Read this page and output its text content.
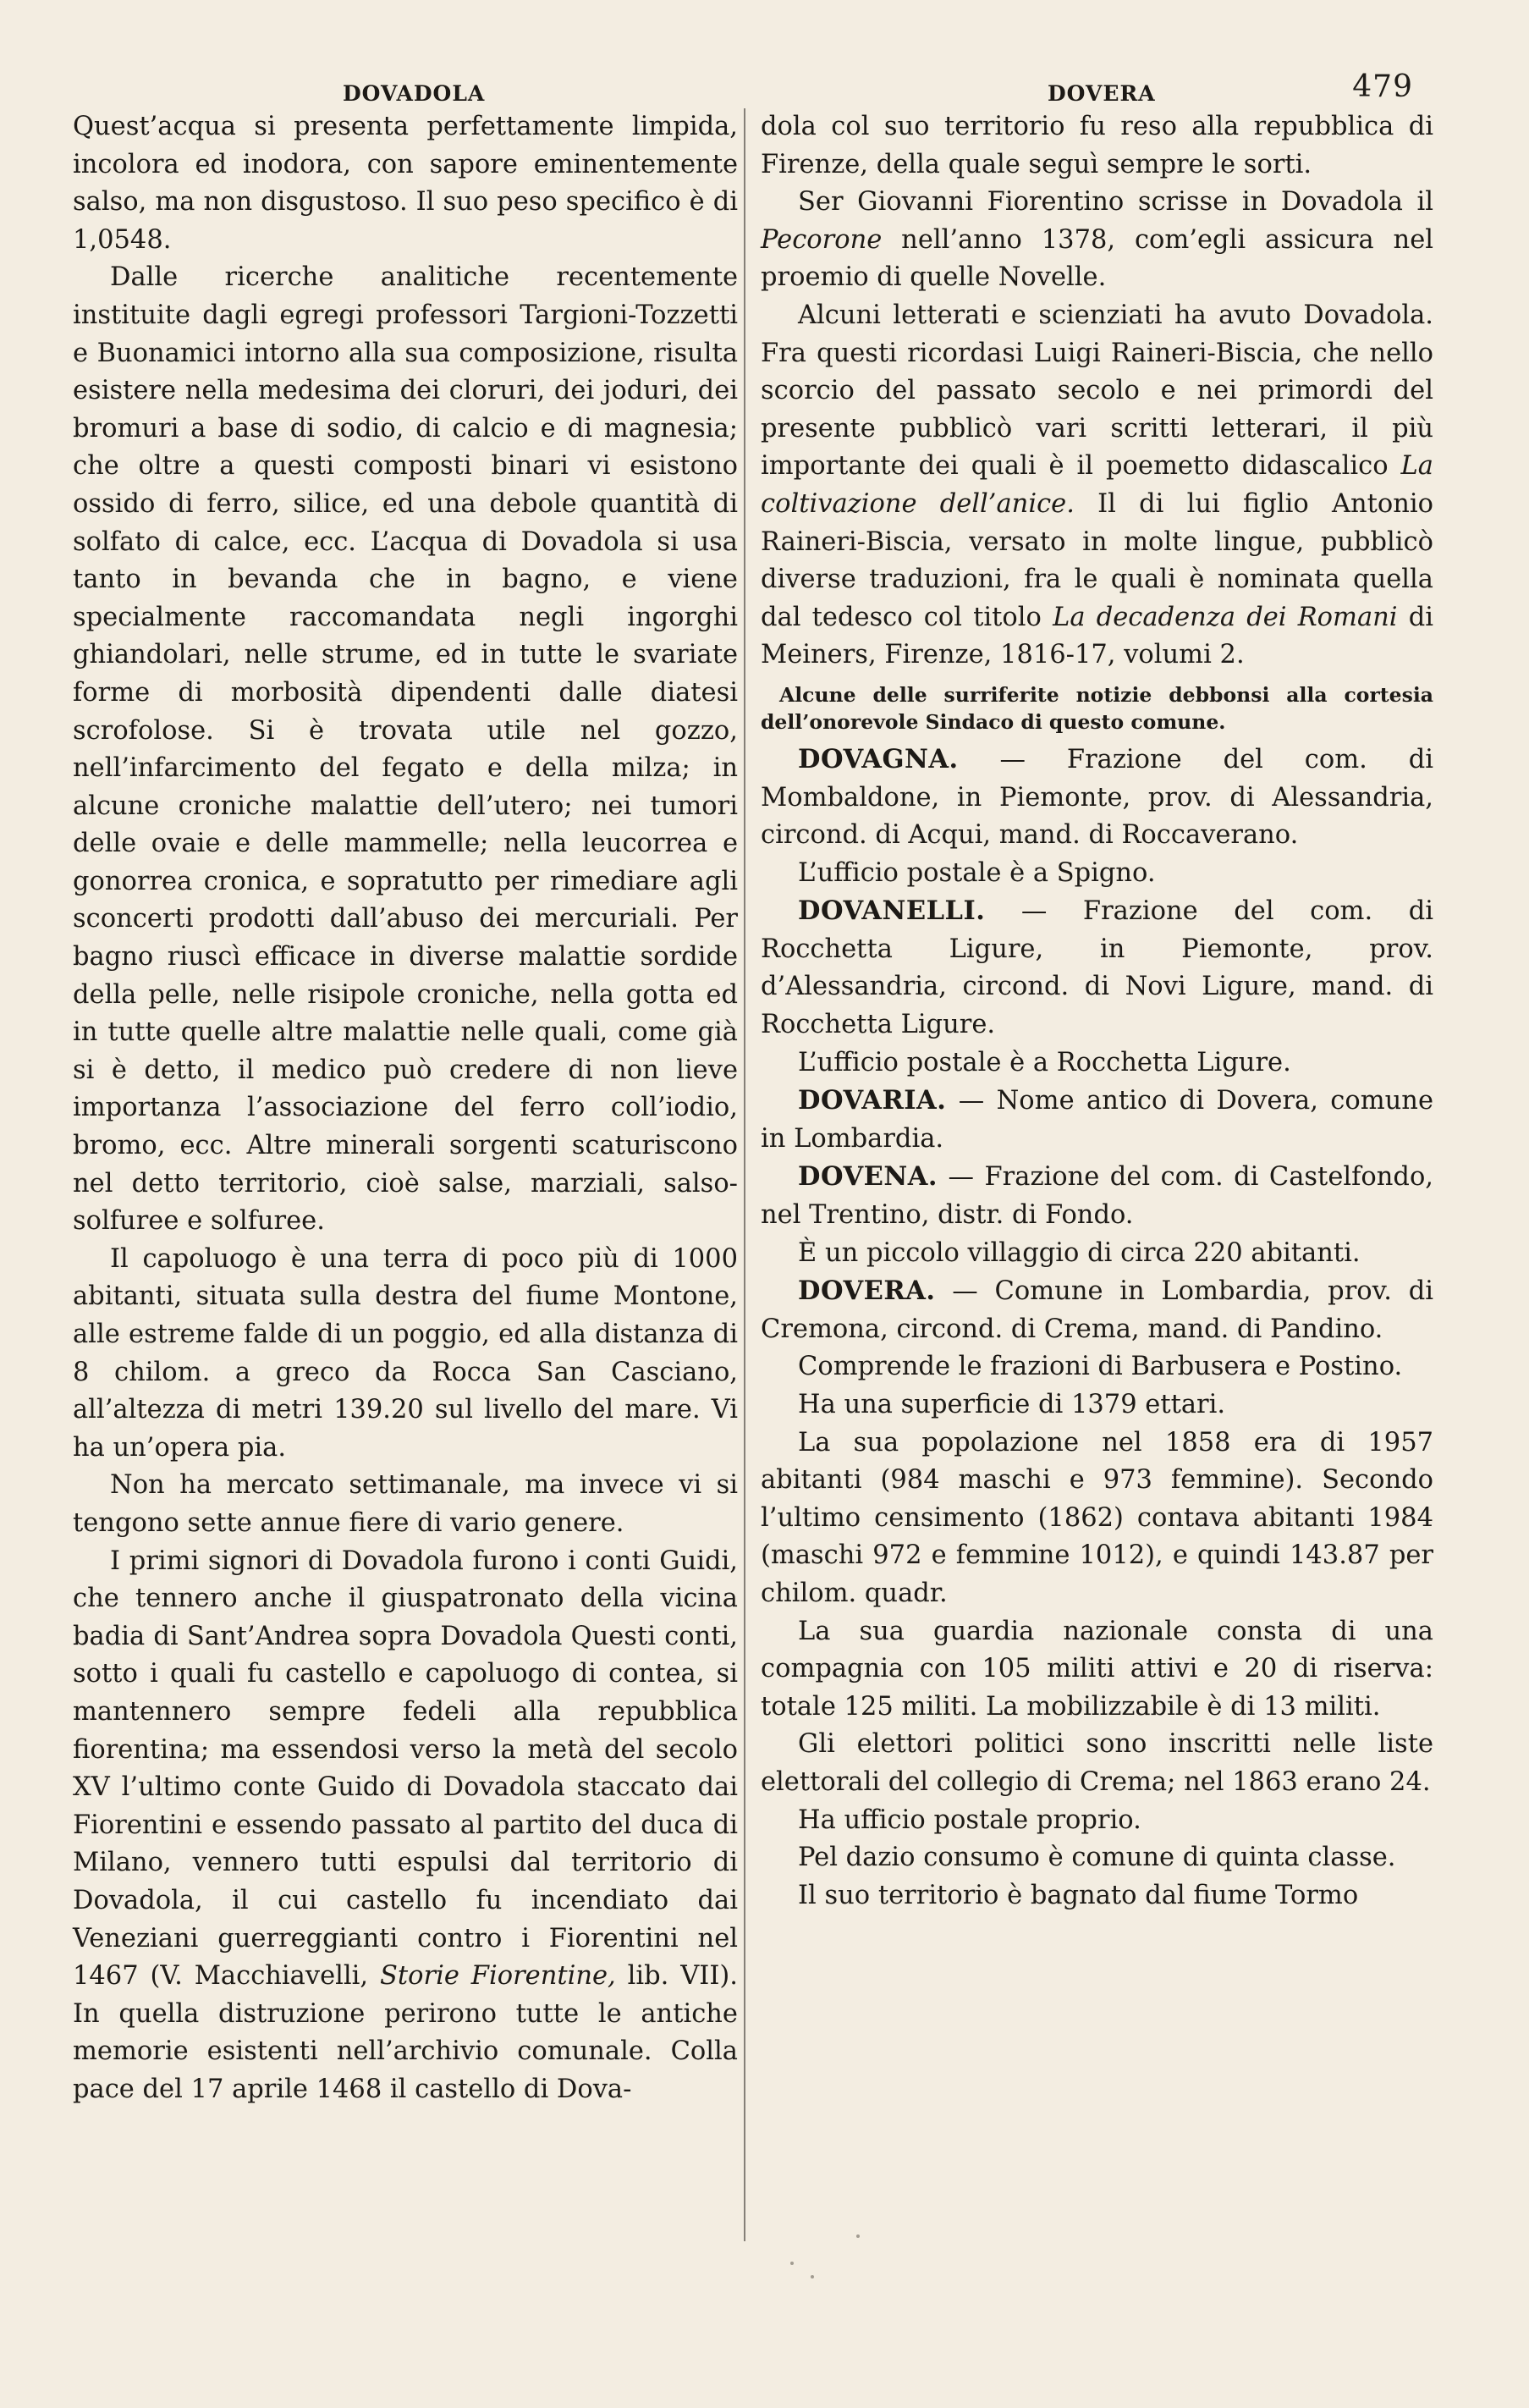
DOVADOLA	DOVERA	479

Quest’acqua si presenta perfettamente limpida, incolora ed inodora, con sapore eminentemente salso, ma non disgustoso. Il suo peso specifico è di 1,0548.

Dalle ricerche analitiche recentemente instituite dagli egregi professori Targioni-Tozzetti e Buonamici intorno alla sua composizione, risulta esistere nella medesima dei cloruri, dei joduri, dei bromuri a base di sodio, di calcio e di magnesia; che oltre a questi composti binari vi esistono ossido di ferro, silice, ed una debole quantità di solfato di calce, ecc. L’acqua di Dovadola si usa tanto in bevanda che in bagno, e viene specialmente raccomandata negli ingorghi ghiandolari, nelle strume, ed in tutte le svariate forme di morbosità dipendenti dalle diatesi scrofolose. Si è trovata utile nel gozzo, nell’infarcimento del fegato e della milza; in alcune croniche malattie dell’utero; nei tumori delle ovaie e delle mammelle; nella leucorrea e gonorrea cronica, e sopratutto per rimediare agli sconcerti prodotti dall’abuso dei mercuriali. Per bagno riuscì efficace in diverse malattie sordide della pelle, nelle risipole croniche, nella gotta ed in tutte quelle altre malattie nelle quali, come già si è detto, il medico può credere di non lieve importanza l’associazione del ferro coll’iodio, bromo, ecc. Altre minerali sorgenti scaturiscono nel detto territorio, cioè salse, marziali, salso-solfuree e solfuree.

Il capoluogo è una terra di poco più di 1000 abitanti, situata sulla destra del fiume Montone, alle estreme falde di un poggio, ed alla distanza di 8 chilom. a greco da Rocca San Casciano, all’altezza di metri 139.20 sul livello del mare. Vi ha un’opera pia.

Non ha mercato settimanale, ma invece vi si tengono sette annue fiere di vario genere.

I primi signori di Dovadola furono i conti Guidi, che tennero anche il giuspatronato della vicina badia di Sant’Andrea sopra Dovadola Questi conti, sotto i quali fu castello e capoluogo di contea, si mantennero sempre fedeli alla repubblica fiorentina; ma essendosi verso la metà del secolo XV l’ultimo conte Guido di Dovadola staccato dai Fiorentini e essendo passato al partito del duca di Milano, vennero tutti espulsi dal territorio di Dovadola, il cui castello fu incendiato dai Veneziani guerreggianti contro i Fiorentini nel 1467 (V. Macchiavelli, Storie Fiorentine, lib. VII). In quella distruzione perirono tutte le antiche memorie esistenti nell’archivio comunale. Colla pace del 17 aprile 1468 il castello di Dova-

dola col suo territorio fu reso alla repubblica di Firenze, della quale seguì sempre le sorti.

Ser Giovanni Fiorentino scrisse in Dovadola il Pecorone nell’anno 1378, com’egli assicura nel proemio di quelle Novelle.

Alcuni letterati e scienziati ha avuto Dovadola. Fra questi ricordasi Luigi Raineri-Biscia, che nello scorcio del passato secolo e nei primordi del presente pubblicò vari scritti letterari, il più importante dei quali è il poemetto didascalico La coltivazione dell’anice. Il di lui figlio Antonio Raineri-Biscia, versato in molte lingue, pubblicò diverse traduzioni, fra le quali è nominata quella dal tedesco col titolo La decadenza dei Romani di Meiners, Firenze, 1816-17, volumi 2.

Alcune delle surriferite notizie debbonsi alla cortesia dell’onorevole Sindaco di questo comune.

DOVAGNA. — Frazione del com. di Mombaldone, in Piemonte, prov. di Alessandria, circond. di Acqui, mand. di Roccaverano.

L’ufficio postale è a Spigno.

DOVANELLI. — Frazione del com. di Rocchetta Ligure, in Piemonte, prov. d’Alessandria, circond. di Novi Ligure, mand. di Rocchetta Ligure.

L’ufficio postale è a Rocchetta Ligure.

DOVARIA. — Nome antico di Dovera, comune in Lombardia.

DOVENA. — Frazione del com. di Castelfondo, nel Trentino, distr. di Fondo.

È un piccolo villaggio di circa 220 abitanti.

DOVERA. — Comune in Lombardia, prov. di Cremona, circond. di Crema, mand. di Pandino.

Comprende le frazioni di Barbusera e Postino.

Ha una superficie di 1379 ettari.

La sua popolazione nel 1858 era di 1957 abitanti (984 maschi e 973 femmine). Secondo l’ultimo censimento (1862) contava abitanti 1984 (maschi 972 e femmine 1012), e quindi 143.87 per chilom. quadr.

La sua guardia nazionale consta di una compagnia con 105 militi attivi e 20 di riserva: totale 125 militi. La mobilizzabile è di 13 militi.

Gli elettori politici sono inscritti nelle liste elettorali del collegio di Crema; nel 1863 erano 24.

Ha ufficio postale proprio.

Pel dazio consumo è comune di quinta classe.

Il suo territorio è bagnato dal fiume Tormo
